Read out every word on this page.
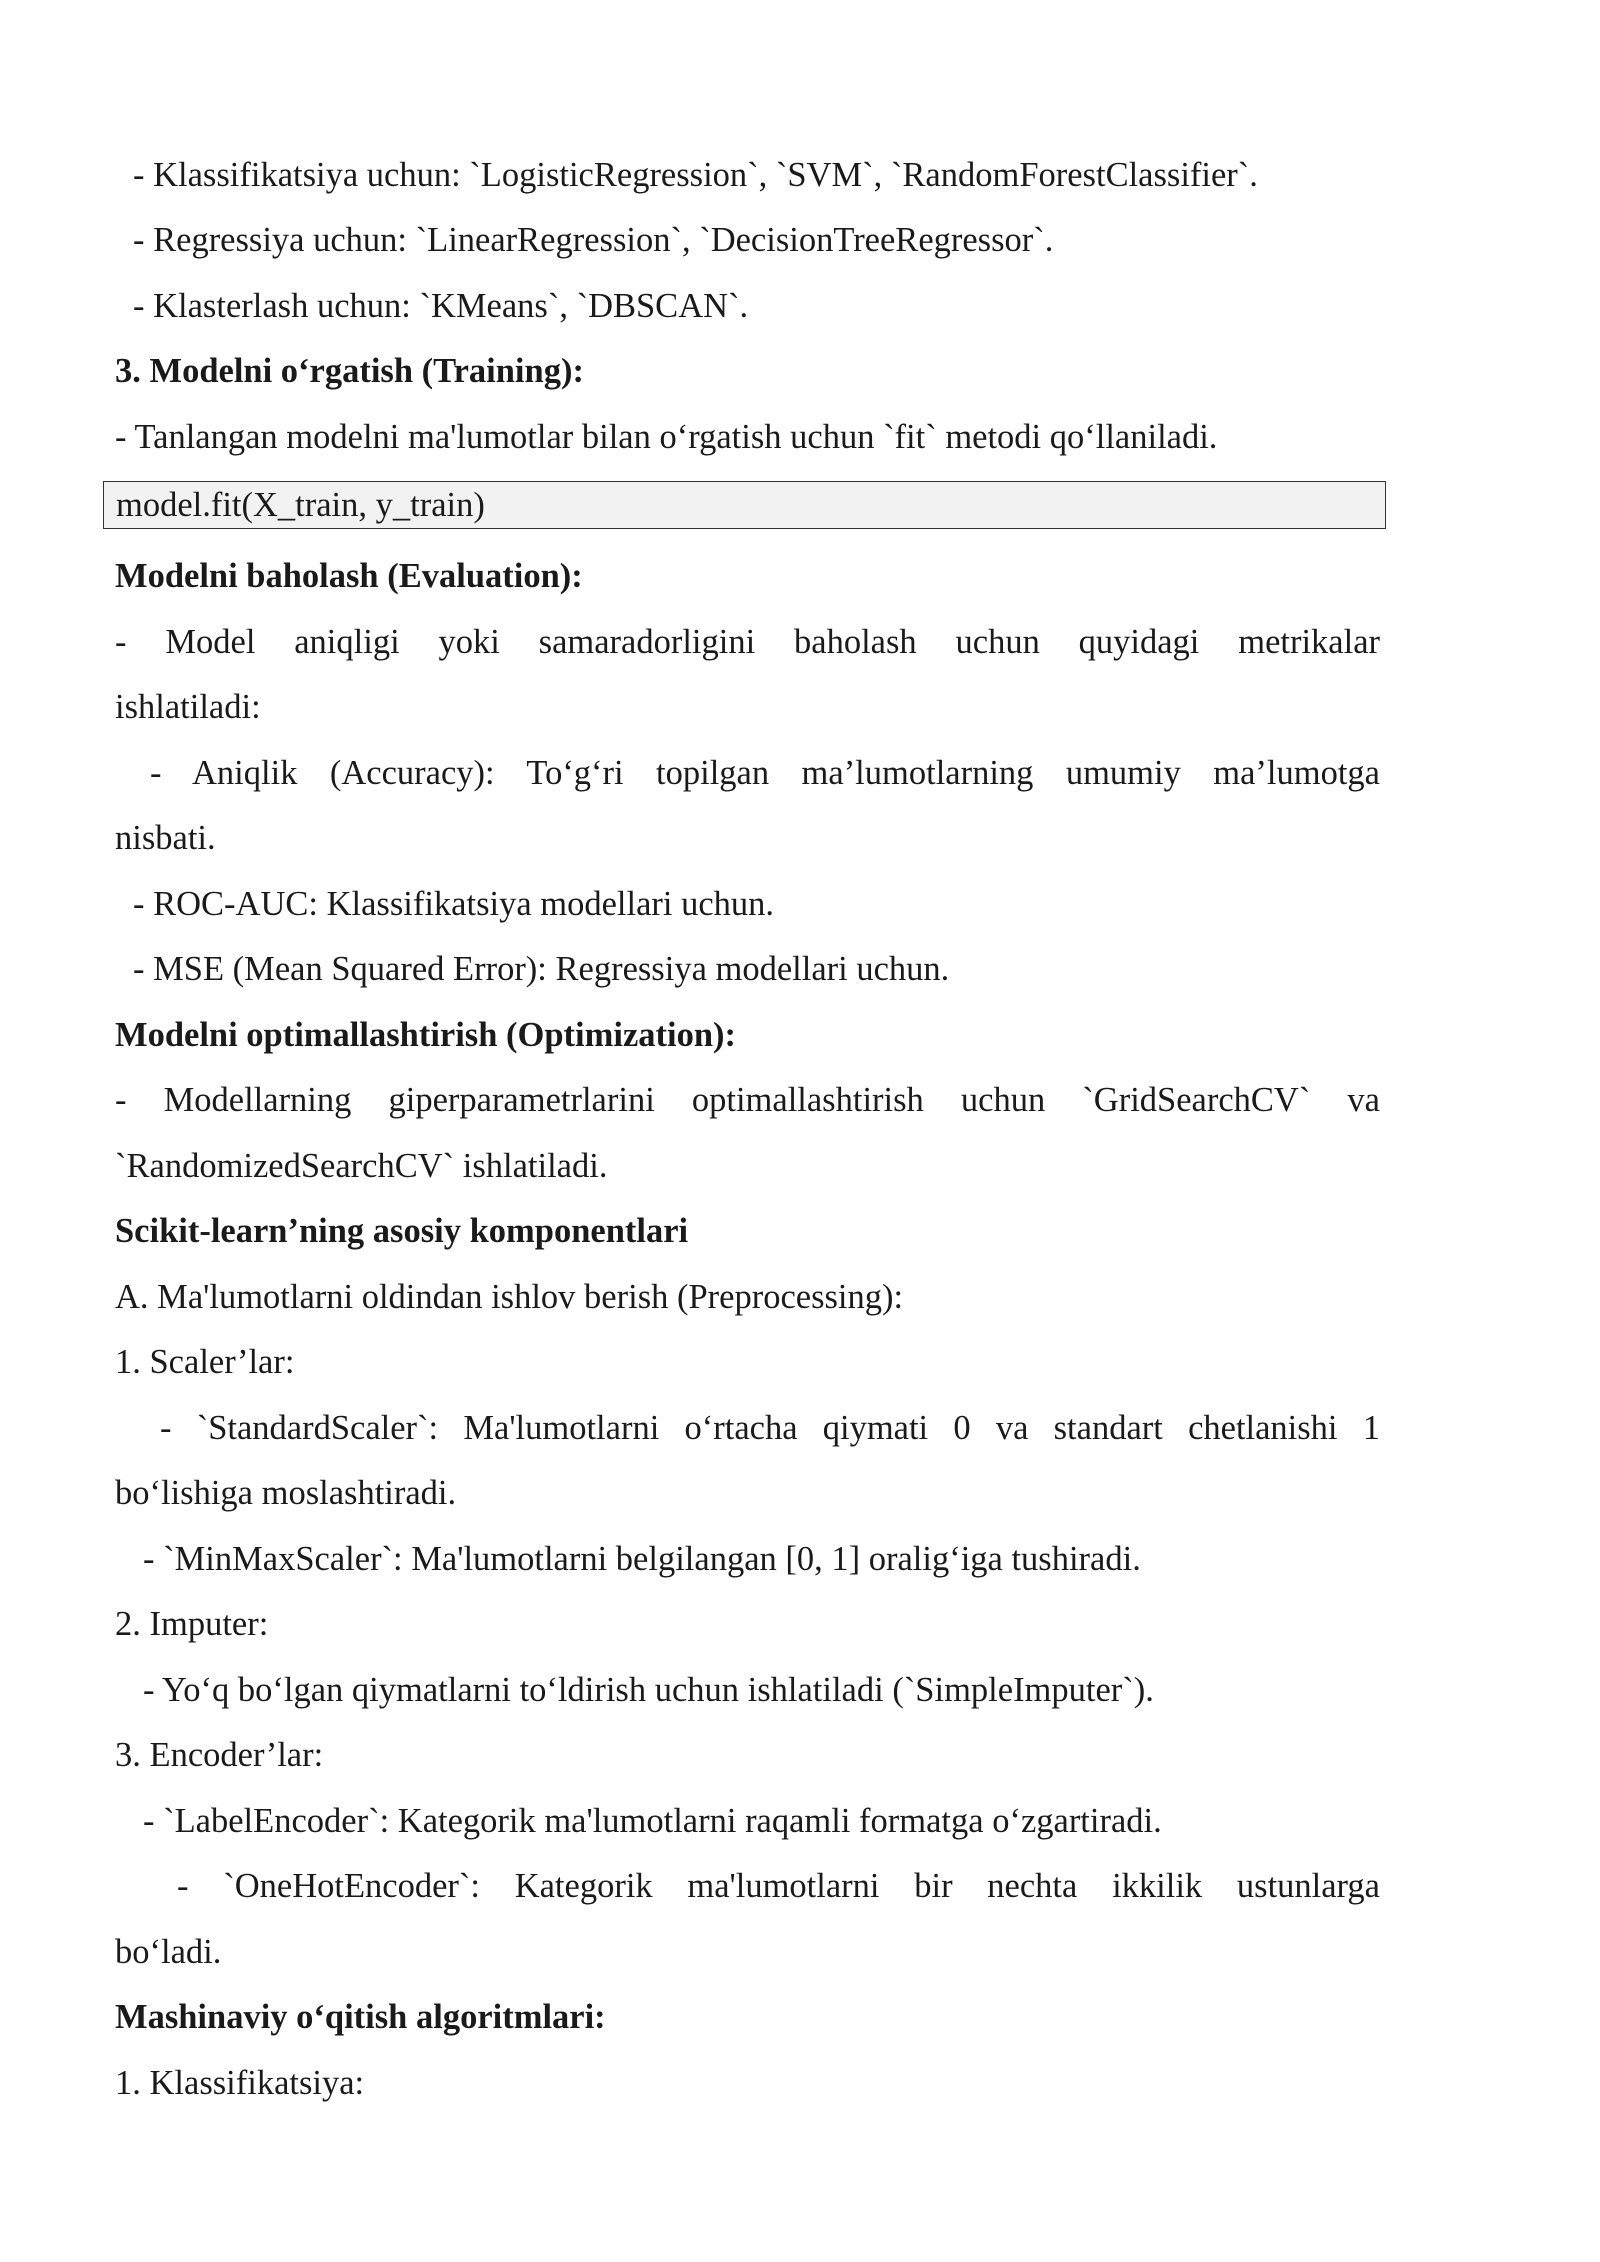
- Klassifikatsiya uchun: `LogisticRegression`, `SVM`, `RandomForestClassifier`.
- Regressiya uchun: `LinearRegression`, `DecisionTreeRegressor`.
- Klasterlash uchun: `KMeans`, `DBSCAN`.
3. Modelni o‘rgatish (Training):
- Tanlangan modelni ma'lumotlar bilan o‘rgatish uchun `fit` metodi qo‘llaniladi.
model.fit(X_train, y_train)
Modelni baholash (Evaluation):
- Model aniqligi yoki samaradorligini baholash uchun quyidagi metrikalar
ishlatiladi:
- Aniqlik (Accuracy): To‘g‘ri topilgan ma’lumotlarning umumiy ma’lumotga
nisbati.
- ROC-AUC: Klassifikatsiya modellari uchun.
- MSE (Mean Squared Error): Regressiya modellari uchun.
Modelni optimallashtirish (Optimization):
- Modellarning giperparametrlarini optimallashtirish uchun `GridSearchCV` va
`RandomizedSearchCV` ishlatiladi.
Scikit-learn’ning asosiy komponentlari
A. Ma'lumotlarni oldindan ishlov berish (Preprocessing):
1. Scaler’lar:
- `StandardScaler`: Ma'lumotlarni o‘rtacha qiymati 0 va standart chetlanishi 1
bo‘lishiga moslashtiradi.
- `MinMaxScaler`: Ma'lumotlarni belgilangan [0, 1] oralig‘iga tushiradi.
2. Imputer:
- Yo‘q bo‘lgan qiymatlarni to‘ldirish uchun ishlatiladi (`SimpleImputer`).
3. Encoder’lar:
- `LabelEncoder`: Kategorik ma'lumotlarni raqamli formatga o‘zgartiradi.
- `OneHotEncoder`: Kategorik ma'lumotlarni bir nechta ikkilik ustunlarga
bo‘ladi.
Mashinaviy o‘qitish algoritmlari:
1. Klassifikatsiya:
